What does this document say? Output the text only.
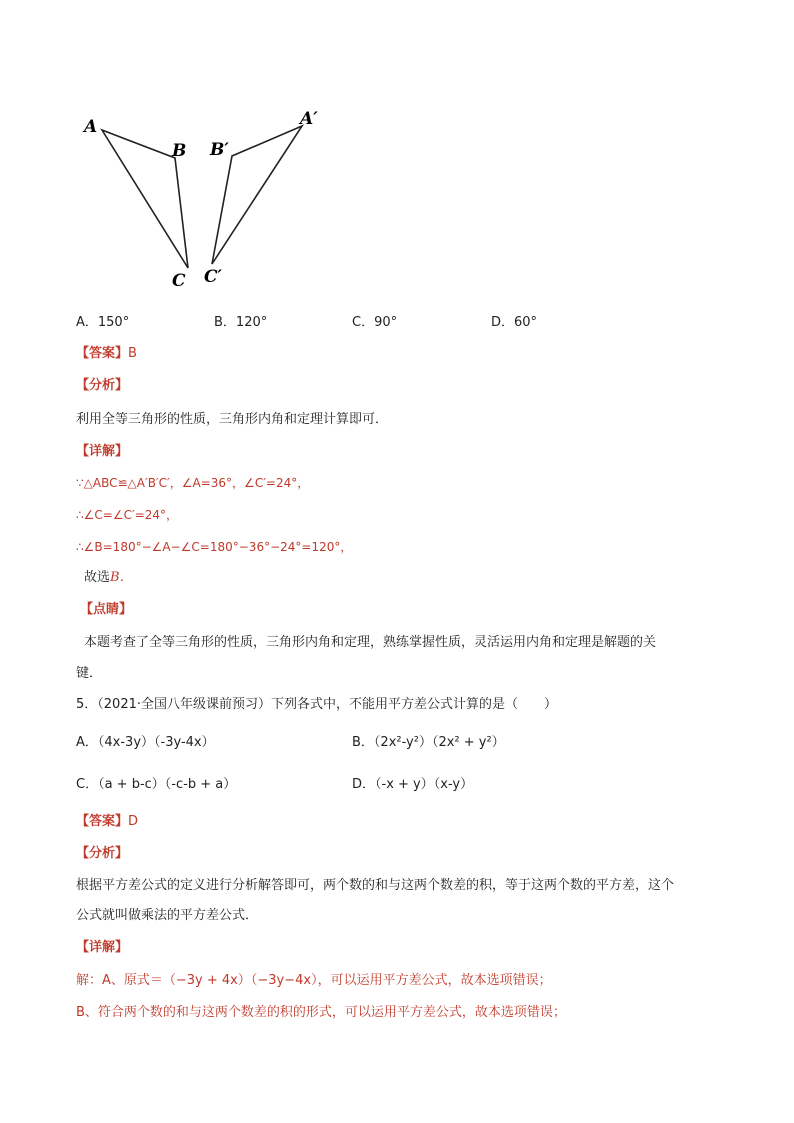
A
B
C
A′
B′
C′
A．150°	B．120°	C．90°	D．60°
【答案】B
【分析】
利用全等三角形的性质，三角形内角和定理计算即可．
【详解】
∵△ABC≌△A′B′C′，∠A=36°，∠C′=24°，
∴∠C=∠C′=24°，
∴∠B=180°−∠A−∠C=180°−36°−24°=120°，
故选B．
【点睛】
本题考查了全等三角形的性质，三角形内角和定理，熟练掌握性质，灵活运用内角和定理是解题的关
键．
5．（2021·全国八年级课前预习）下列各式中，不能用平方差公式计算的是（　　）
A．（4x-3y）（-3y-4x）	B．（2x²-y²）（2x² + y²）
C．（a + b-c）（-c-b + a）	D．（-x + y）（x-y）
【答案】D
【分析】
根据平方差公式的定义进行分析解答即可，两个数的和与这两个数差的积，等于这两个数的平方差，这个
公式就叫做乘法的平方差公式．
【详解】
解：A、原式＝（−3y + 4x）（−3y−4x），可以运用平方差公式，故本选项错误；
B、符合两个数的和与这两个数差的积的形式，可以运用平方差公式，故本选项错误；
